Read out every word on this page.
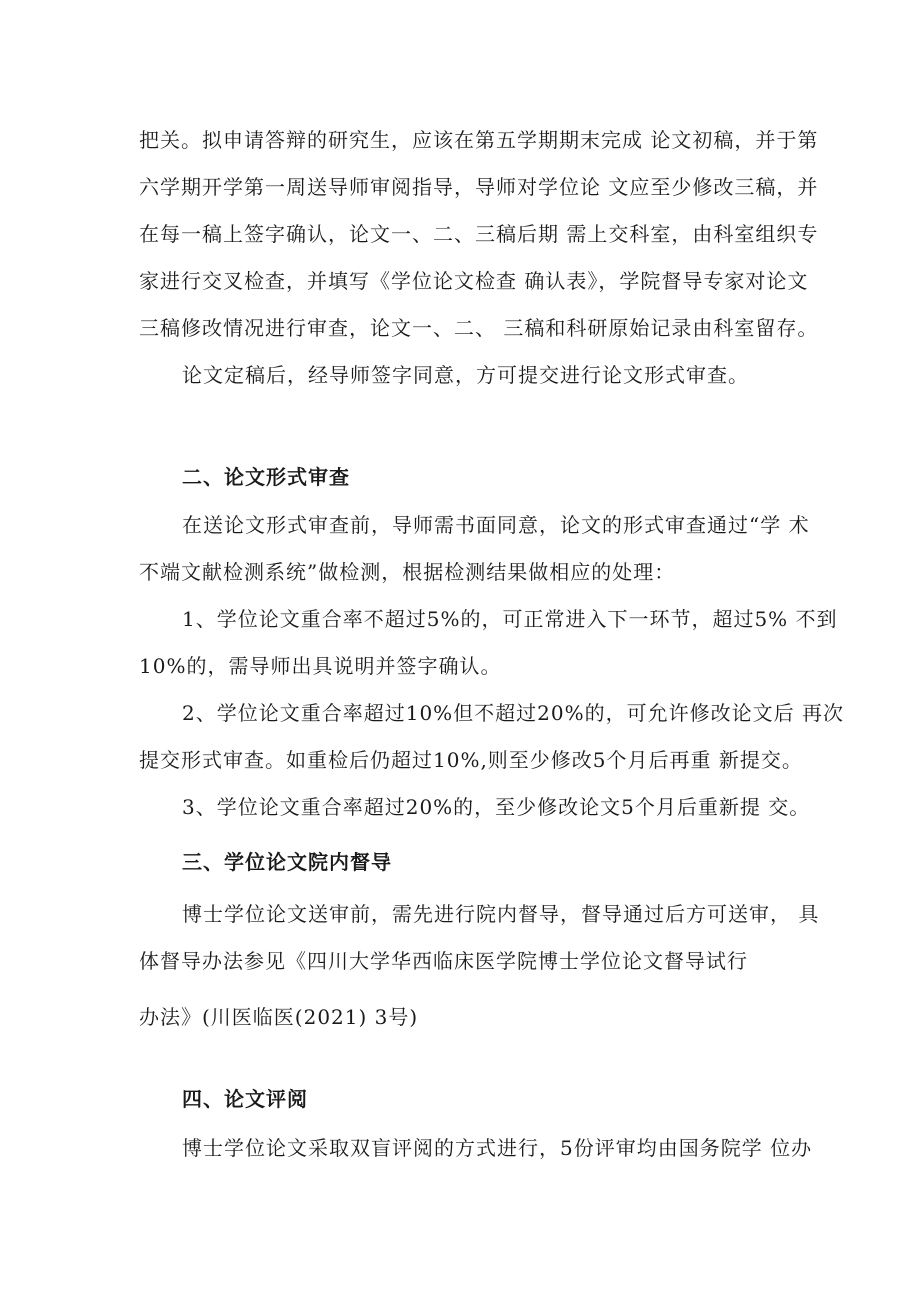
把关。拟申请答辩的研究生，应该在第五学期期末完成 论文初稿，并于第
六学期开学第一周送导师审阅指导，导师对学位论 文应至少修改三稿，并
在每一稿上签字确认，论文一、二、三稿后期 需上交科室，由科室组织专
家进行交叉检查，并填写《学位论文检查 确认表》，学院督导专家对论文
三稿修改情况进行审查，论文一、二、 三稿和科研原始记录由科室留存。
论文定稿后，经导师签字同意，方可提交进行论文形式审查。
二、论文形式审查
在送论文形式审查前，导师需书面同意，论文的形式审查通过“学 术
不端文献检测系统”做检测，根据检测结果做相应的处理：
1、学位论文重合率不超过5%的，可正常进入下一环节，超过5% 不到
10%的，需导师出具说明并签字确认。
2、学位论文重合率超过10%但不超过20%的，可允许修改论文后 再次
提交形式审查。如重检后仍超过10%,则至少修改5个月后再重 新提交。
3、学位论文重合率超过20%的，至少修改论文5个月后重新提 交。
三、学位论文院内督导
博士学位论文送审前，需先进行院内督导，督导通过后方可送审， 具
体督导办法参见《四川大学华西临床医学院博士学位论文督导试行
办法》(川医临医(2021) 3号)
四、论文评阅
博士学位论文采取双盲评阅的方式进行，5份评审均由国务院学 位办
